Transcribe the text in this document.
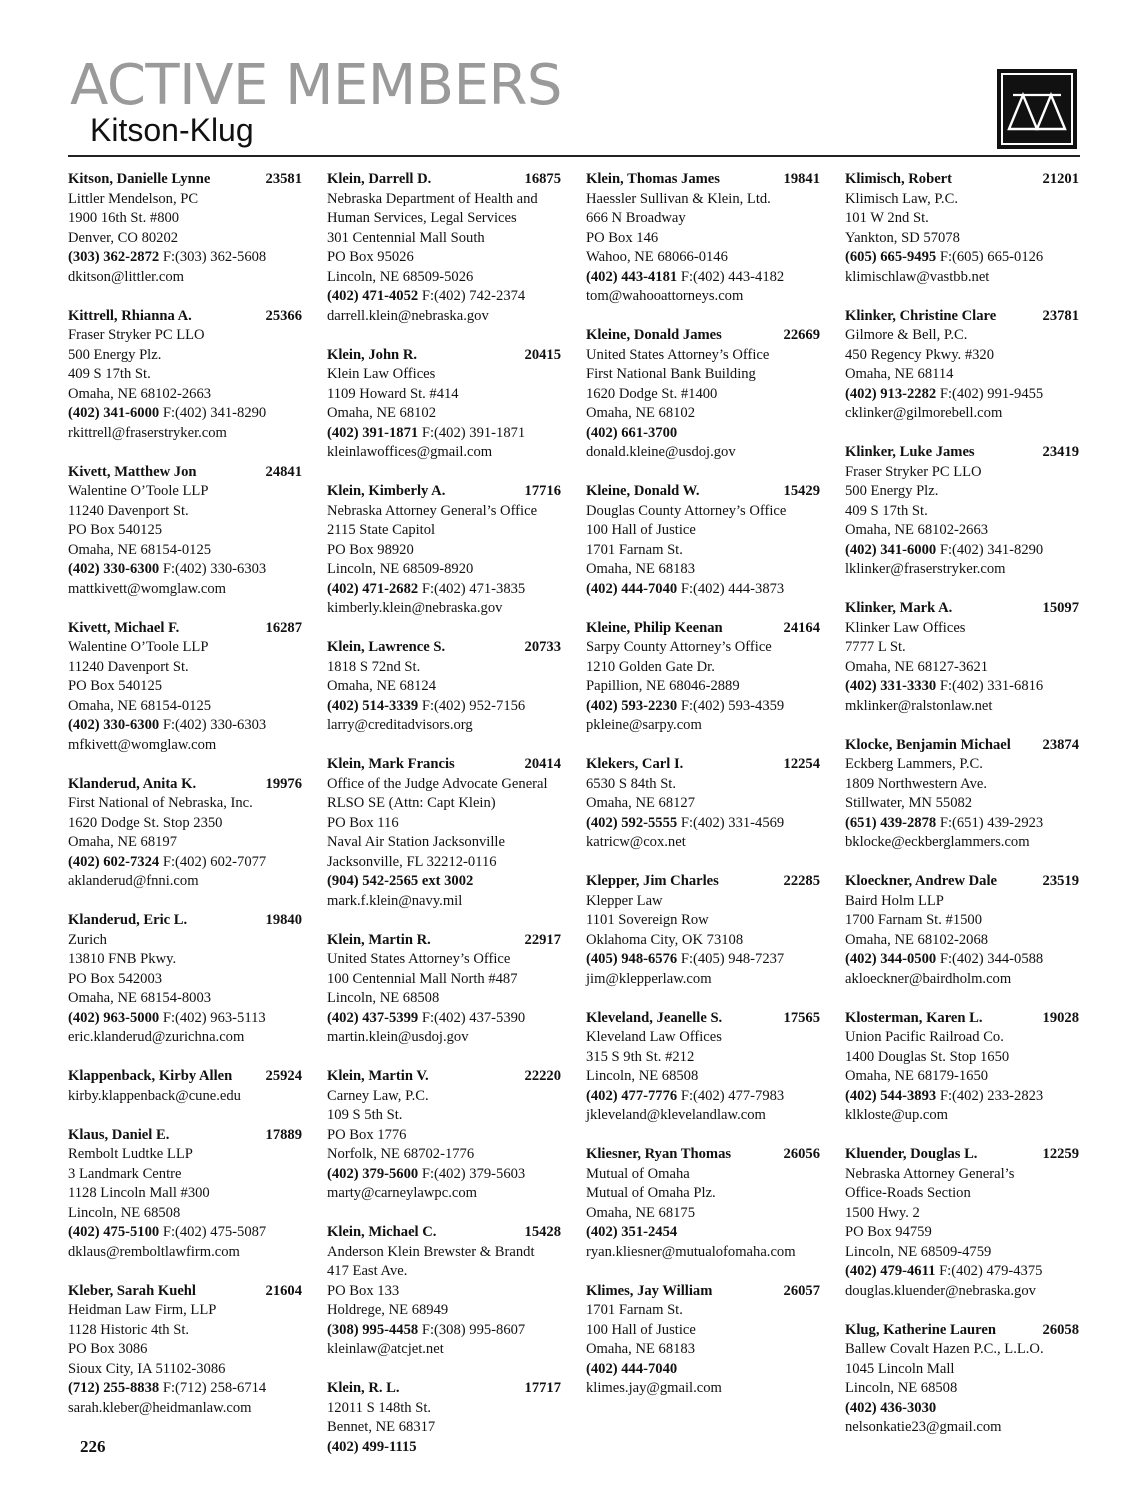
ACTIVE MEMBERS
Kitson-Klug
Kitson, Danielle Lynne	23581
Littler Mendelson, PC
1900 16th St. #800
Denver, CO 80202
(303) 362-2872 F:(303) 362-5608
dkitson@littler.com
Kittrell, Rhianna A.	25366
Fraser Stryker PC LLO
500 Energy Plz.
409 S 17th St.
Omaha, NE 68102-2663
(402) 341-6000 F:(402) 341-8290
rkittrell@fraserstryker.com
Kivett, Matthew Jon	24841
Walentine O’Toole LLP
11240 Davenport St.
PO Box 540125
Omaha, NE 68154-0125
(402) 330-6300 F:(402) 330-6303
mattkivett@womglaw.com
Kivett, Michael F.	16287
Walentine O’Toole LLP
11240 Davenport St.
PO Box 540125
Omaha, NE 68154-0125
(402) 330-6300 F:(402) 330-6303
mfkivett@womglaw.com
Klanderud, Anita K.	19976
First National of Nebraska, Inc.
1620 Dodge St. Stop 2350
Omaha, NE 68197
(402) 602-7324 F:(402) 602-7077
aklanderud@fnni.com
Klanderud, Eric L.	19840
Zurich
13810 FNB Pkwy.
PO Box 542003
Omaha, NE 68154-8003
(402) 963-5000 F:(402) 963-5113
eric.klanderud@zurichna.com
Klappenback, Kirby Allen 25924
kirby.klappenback@cune.edu
Klaus, Daniel E.	17889
Rembolt Ludtke LLP
3 Landmark Centre
1128 Lincoln Mall #300
Lincoln, NE 68508
(402) 475-5100 F:(402) 475-5087
dklaus@remboltlawfirm.com
Kleber, Sarah Kuehl	21604
Heidman Law Firm, LLP
1128 Historic 4th St.
PO Box 3086
Sioux City, IA 51102-3086
(712) 255-8838 F:(712) 258-6714
sarah.kleber@heidmanlaw.com
Klein, Darrell D.	16875
Nebraska Department of Health and
Human Services, Legal Services
301 Centennial Mall South
PO Box 95026
Lincoln, NE 68509-5026
(402) 471-4052 F:(402) 742-2374
darrell.klein@nebraska.gov
Klein, John R.	20415
Klein Law Offices
1109 Howard St. #414
Omaha, NE 68102
(402) 391-1871 F:(402) 391-1871
kleinlawoffices@gmail.com
Klein, Kimberly A.	17716
Nebraska Attorney General’s Office
2115 State Capitol
PO Box 98920
Lincoln, NE 68509-8920
(402) 471-2682 F:(402) 471-3835
kimberly.klein@nebraska.gov
Klein, Lawrence S.	20733
1818 S 72nd St.
Omaha, NE 68124
(402) 514-3339 F:(402) 952-7156
larry@creditadvisors.org
Klein, Mark Francis	20414
Office of the Judge Advocate General
RLSO SE (Attn: Capt Klein)
PO Box 116
Naval Air Station Jacksonville
Jacksonville, FL 32212-0116
(904) 542-2565 ext 3002
mark.f.klein@navy.mil
Klein, Martin R.	22917
United States Attorney’s Office
100 Centennial Mall North #487
Lincoln, NE 68508
(402) 437-5399 F:(402) 437-5390
martin.klein@usdoj.gov
Klein, Martin V.	22220
Carney Law, P.C.
109 S 5th St.
PO Box 1776
Norfolk, NE 68702-1776
(402) 379-5600 F:(402) 379-5603
marty@carneylawpc.com
Klein, Michael C.	15428
Anderson Klein Brewster & Brandt
417 East Ave.
PO Box 133
Holdrege, NE 68949
(308) 995-4458 F:(308) 995-8607
kleinlaw@atcjet.net
Klein, R. L.	17717
12011 S 148th St.
Bennet, NE 68317
(402) 499-1115
Klein, Thomas James	19841
Haessler Sullivan & Klein, Ltd.
666 N Broadway
PO Box 146
Wahoo, NE 68066-0146
(402) 443-4181 F:(402) 443-4182
tom@wahooattorneys.com
Kleine, Donald James	22669
United States Attorney’s Office
First National Bank Building
1620 Dodge St. #1400
Omaha, NE 68102
(402) 661-3700
donald.kleine@usdoj.gov
Kleine, Donald W.	15429
Douglas County Attorney’s Office
100 Hall of Justice
1701 Farnam St.
Omaha, NE 68183
(402) 444-7040 F:(402) 444-3873
Kleine, Philip Keenan	24164
Sarpy County Attorney’s Office
1210 Golden Gate Dr.
Papillion, NE 68046-2889
(402) 593-2230 F:(402) 593-4359
pkleine@sarpy.com
Klekers, Carl I.	12254
6530 S 84th St.
Omaha, NE 68127
(402) 592-5555 F:(402) 331-4569
katricw@cox.net
Klepper, Jim Charles	22285
Klepper Law
1101 Sovereign Row
Oklahoma City, OK 73108
(405) 948-6576 F:(405) 948-7237
jim@klepperlaw.com
Kleveland, Jeanelle S.	17565
Kleveland Law Offices
315 S 9th St. #212
Lincoln, NE 68508
(402) 477-7776 F:(402) 477-7983
jkleveland@klevelandlaw.com
Kliesner, Ryan Thomas	26056
Mutual of Omaha
Mutual of Omaha Plz.
Omaha, NE 68175
(402) 351-2454
ryan.kliesner@mutualofomaha.com
Klimes, Jay William	26057
1701 Farnam St.
100 Hall of Justice
Omaha, NE 68183
(402) 444-7040
klimes.jay@gmail.com
Klimisch, Robert	21201
Klimisch Law, P.C.
101 W 2nd St.
Yankton, SD 57078
(605) 665-9495 F:(605) 665-0126
klimischlaw@vastbb.net
Klinker, Christine Clare	23781
Gilmore & Bell, P.C.
450 Regency Pkwy. #320
Omaha, NE 68114
(402) 913-2282 F:(402) 991-9455
cklinker@gilmorebell.com
Klinker, Luke James	23419
Fraser Stryker PC LLO
500 Energy Plz.
409 S 17th St.
Omaha, NE 68102-2663
(402) 341-6000 F:(402) 341-8290
lklinker@fraserstryker.com
Klinker, Mark A.	15097
Klinker Law Offices
7777 L St.
Omaha, NE 68127-3621
(402) 331-3330 F:(402) 331-6816
mklinker@ralstonlaw.net
Klocke, Benjamin Michael 23874
Eckberg Lammers, P.C.
1809 Northwestern Ave.
Stillwater, MN 55082
(651) 439-2878 F:(651) 439-2923
bklocke@eckberglammers.com
Kloeckner, Andrew Dale	23519
Baird Holm LLP
1700 Farnam St. #1500
Omaha, NE 68102-2068
(402) 344-0500 F:(402) 344-0588
akloeckner@bairdholm.com
Klosterman, Karen L.	19028
Union Pacific Railroad Co.
1400 Douglas St. Stop 1650
Omaha, NE 68179-1650
(402) 544-3893 F:(402) 233-2823
klkloste@up.com
Kluender, Douglas L.	12259
Nebraska Attorney General’s
Office-Roads Section
1500 Hwy. 2
PO Box 94759
Lincoln, NE 68509-4759
(402) 479-4611 F:(402) 479-4375
douglas.kluender@nebraska.gov
Klug, Katherine Lauren	26058
Ballew Covalt Hazen P.C., L.L.O.
1045 Lincoln Mall
Lincoln, NE 68508
(402) 436-3030
nelsonkatie23@gmail.com
226
